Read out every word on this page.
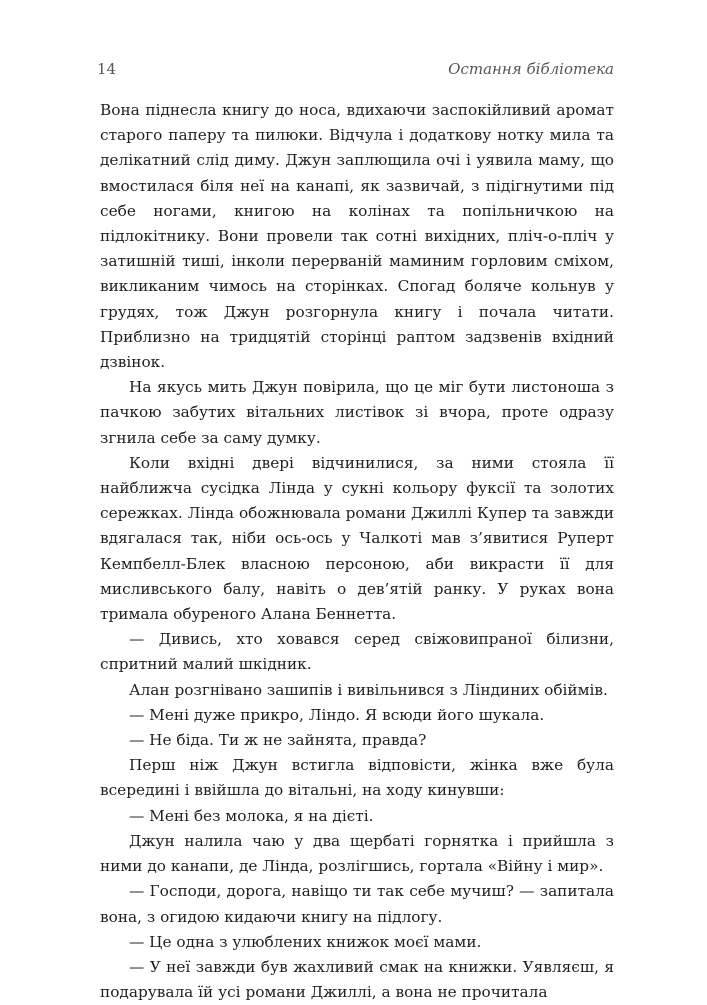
14	Остання бібліотека

Вона піднесла книгу до носа, вдихаючи заспокійливий аромат старого паперу та пилюки. Відчула і додаткову нотку мила та делікатний слід диму. Джун заплющила очі і уявила маму, що вмостилася біля неї на канапі, як зазвичай, з підігнутими під себе ногами, книгою на колінах та попільничкою на підлокітнику. Вони провели так сотні вихідних, пліч-о-пліч у затишній тиші, інколи перерваній маминим горловим сміхом, викликаним чимось на сторінках. Спогад боляче кольнув у грудях, тож Джун розгорнула книгу і почала читати. Приблизно на тридцятій сторінці раптом задзвенів вхідний дзвінок.

На якусь мить Джун повірила, що це міг бути листоноша з пачкою забутих вітальних листівок зі вчора, проте одразу згнила себе за саму думку.

Коли вхідні двері відчинилися, за ними стояла її найближча сусідка Лінда у сукні кольору фуксії та золотих сережках. Лінда обожнювала романи Джиллі Купер та завжди вдягалася так, ніби ось-ось у Чалкоті мав з’явитися Руперт Кемпбелл-Блек власною персоною, аби викрасти її для мисливського балу, навіть о дев’ятій ранку. У руках вона тримала обуреного Алана Беннетта.

— Дивись, хто ховався серед свіжовипраної білизни, спритний малий шкідник.

Алан розгнівано зашипів і вивільнився з Ліндиних обіймів.

— Мені дуже прикро, Ліндо. Я всюди його шукала.

— Не біда. Ти ж не зайнята, правда?

Перш ніж Джун встигла відповісти, жінка вже була всередині і ввійшла до вітальні, на ходу кинувши:

— Мені без молока, я на дієті.

Джун налила чаю у два щербаті горнятка і прийшла з ними до канапи, де Лінда, розлігшись, гортала «Війну і мир».

— Господи, дорога, навіщо ти так себе мучиш? — запитала вона, з огидою кидаючи книгу на підлогу.

— Це одна з улюблених книжок моєї мами.

— У неї завжди був жахливий смак на книжки. Уявляєш, я подарувала їй усі романи Джиллі, а вона не прочитала
